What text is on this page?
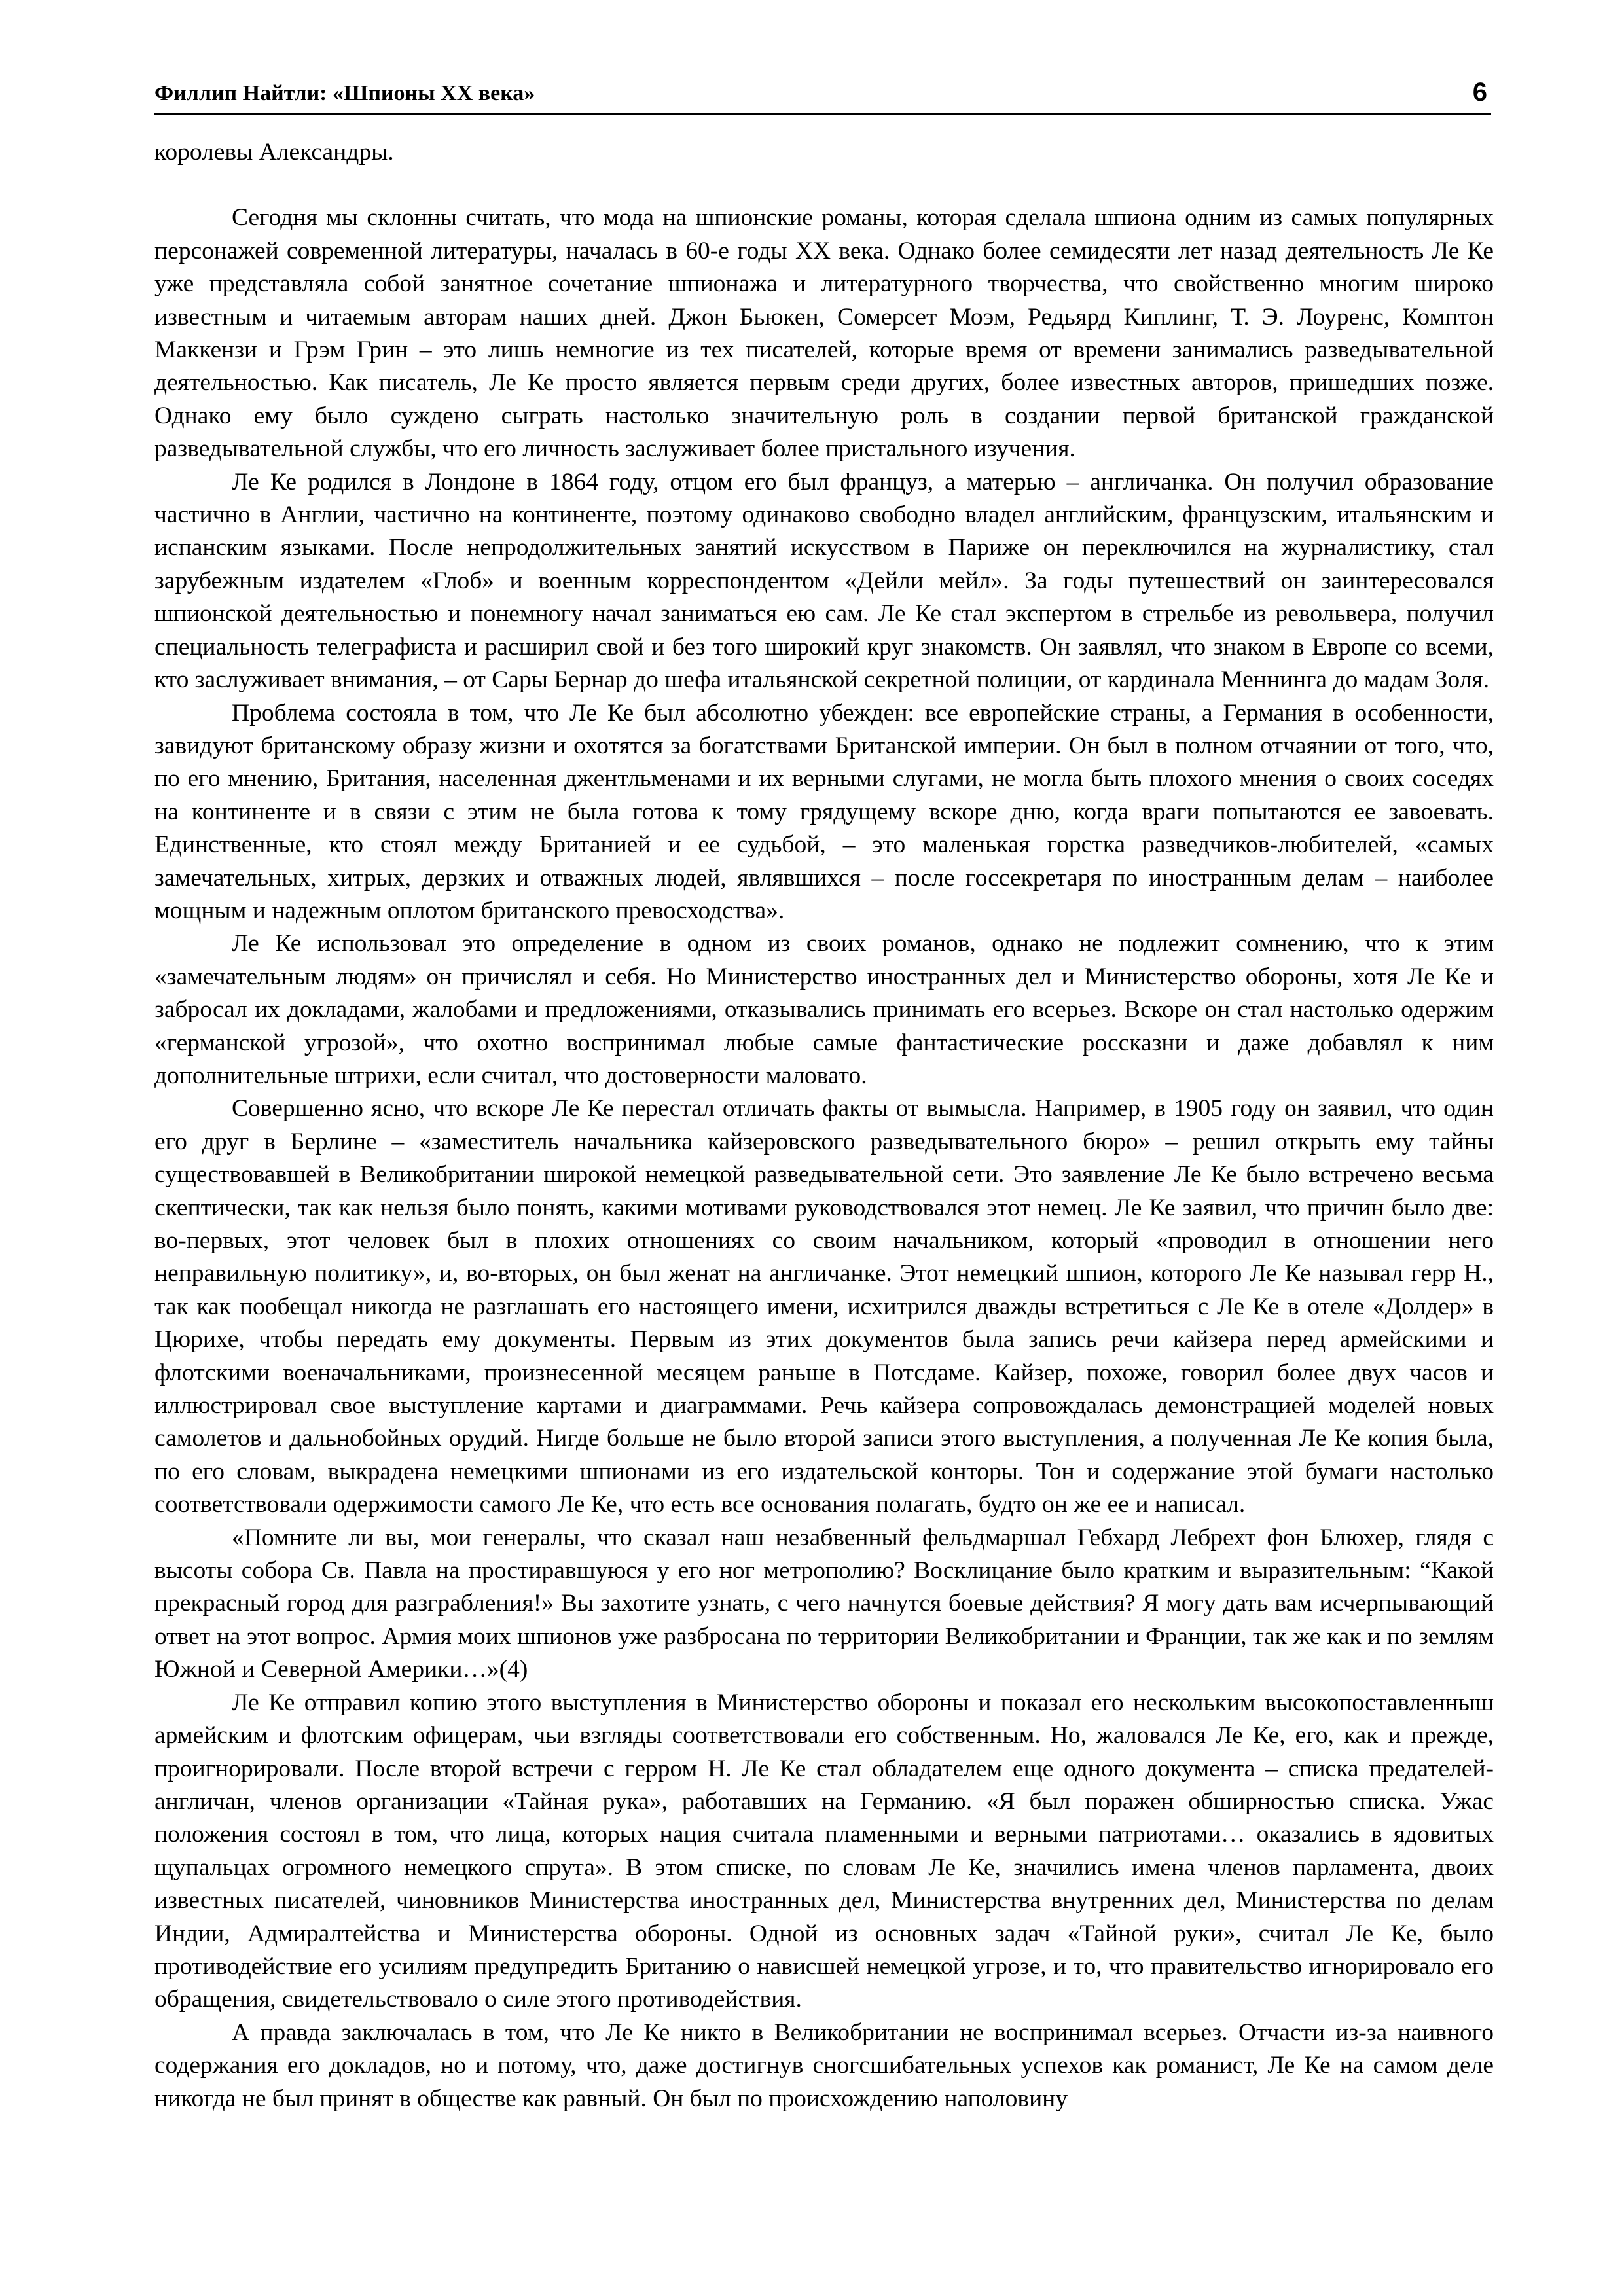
Филлип Найтли: «Шпионы XX века»	6

королевы Александры.

Сегодня мы склонны считать, что мода на шпионские романы, которая сделала шпиона одним из самых популярных персонажей современной литературы, началась в 60-е годы XX века. Однако более семидесяти лет назад деятельность Ле Ке уже представляла собой занятное сочетание шпионажа и литературного творчества, что свойственно многим широко известным и читаемым авторам наших дней. Джон Бьюкен, Сомерсет Моэм, Редьярд Киплинг, Т. Э. Лоуренс, Комптон Маккензи и Грэм Грин – это лишь немногие из тех писателей, которые время от времени занимались разведывательной деятельностью. Как писатель, Ле Ке просто является первым среди других, более известных авторов, пришедших позже. Однако ему было суждено сыграть настолько значительную роль в создании первой британской гражданской разведывательной службы, что его личность заслуживает более пристального изучения.

Ле Ке родился в Лондоне в 1864 году, отцом его был француз, а матерью – англичанка. Он получил образование частично в Англии, частично на континенте, поэтому одинаково свободно владел английским, французским, итальянским и испанским языками. После непродолжительных занятий искусством в Париже он переключился на журналистику, стал зарубежным издателем «Глоб» и военным корреспондентом «Дейли мейл». За годы путешествий он заинтересовался шпионской деятельностью и понемногу начал заниматься ею сам. Ле Ке стал экспертом в стрельбе из револьвера, получил специальность телеграфиста и расширил свой и без того широкий круг знакомств. Он заявлял, что знаком в Европе со всеми, кто заслуживает внимания, – от Сары Бернар до шефа итальянской секретной полиции, от кардинала Меннинга до мадам Золя.

Проблема состояла в том, что Ле Ке был абсолютно убежден: все европейские страны, а Германия в особенности, завидуют британскому образу жизни и охотятся за богатствами Британской империи. Он был в полном отчаянии от того, что, по его мнению, Британия, населенная джентльменами и их верными слугами, не могла быть плохого мнения о своих соседях на континенте и в связи с этим не была готова к тому грядущему вскоре дню, когда враги попытаются ее завоевать. Единственные, кто стоял между Британией и ее судьбой, – это маленькая горстка разведчиков-любителей, «самых замечательных, хитрых, дерзких и отважных людей, являвшихся – после госсекретаря по иностранным делам – наиболее мощным и надежным оплотом британского превосходства».

Ле Ке использовал это определение в одном из своих романов, однако не подлежит сомнению, что к этим «замечательным людям» он причислял и себя. Но Министерство иностранных дел и Министерство обороны, хотя Ле Ке и забросал их докладами, жалобами и предложениями, отказывались принимать его всерьез. Вскоре он стал настолько одержим «германской угрозой», что охотно воспринимал любые самые фантастические россказни и даже добавлял к ним дополнительные штрихи, если считал, что достоверности маловато.

Совершенно ясно, что вскоре Ле Ке перестал отличать факты от вымысла. Например, в 1905 году он заявил, что один его друг в Берлине – «заместитель начальника кайзеровского разведывательного бюро» – решил открыть ему тайны существовавшей в Великобритании широкой немецкой разведывательной сети. Это заявление Ле Ке было встречено весьма скептически, так как нельзя было понять, какими мотивами руководствовался этот немец. Ле Ке заявил, что причин было две: во-первых, этот человек был в плохих отношениях со своим начальником, который «проводил в отношении него неправильную политику», и, во-вторых, он был женат на англичанке. Этот немецкий шпион, которого Ле Ке называл герр Н., так как пообещал никогда не разглашать его настоящего имени, исхитрился дважды встретиться с Ле Ке в отеле «Долдер» в Цюрихе, чтобы передать ему документы. Первым из этих документов была запись речи кайзера перед армейскими и флотскими военачальниками, произнесенной месяцем раньше в Потсдаме. Кайзер, похоже, говорил более двух часов и иллюстрировал свое выступление картами и диаграммами. Речь кайзера сопровождалась демонстрацией моделей новых самолетов и дальнобойных орудий. Нигде больше не было второй записи этого выступления, а полученная Ле Ке копия была, по его словам, выкрадена немецкими шпионами из его издательской конторы. Тон и содержание этой бумаги настолько соответствовали одержимости самого Ле Ке, что есть все основания полагать, будто он же ее и написал.

«Помните ли вы, мои генералы, что сказал наш незабвенный фельдмаршал Гебхард Лебрехт фон Блюхер, глядя с высоты собора Св. Павла на простиравшуюся у его ног метрополию? Восклицание было кратким и выразительным: “Какой прекрасный город для разграбления!» Вы захотите узнать, с чего начнутся боевые действия? Я могу дать вам исчерпывающий ответ на этот вопрос. Армия моих шпионов уже разбросана по территории Великобритании и Франции, так же как и по землям Южной и Северной Америки…»(4)

Ле Ке отправил копию этого выступления в Министерство обороны и показал его нескольким высокопоставленныш армейским и флотским офицерам, чьи взгляды соответствовали его собственным. Но, жаловался Ле Ке, его, как и прежде, проигнорировали. После второй встречи с герром Н. Ле Ке стал обладателем еще одного документа – списка предателей-англичан, членов организации «Тайная рука», работавших на Германию. «Я был поражен обширностью списка. Ужас положения состоял в том, что лица, которых нация считала пламенными и верными патриотами… оказались в ядовитых щупальцах огромного немецкого спрута». В этом списке, по словам Ле Ке, значились имена членов парламента, двоих известных писателей, чиновников Министерства иностранных дел, Министерства внутренних дел, Министерства по делам Индии, Адмиралтейства и Министерства обороны. Одной из основных задач «Тайной руки», считал Ле Ке, было противодействие его усилиям предупредить Британию о нависшей немецкой угрозе, и то, что правительство игнорировало его обращения, свидетельствовало о силе этого противодействия.

А правда заключалась в том, что Ле Ке никто в Великобритании не воспринимал всерьез. Отчасти из-за наивного содержания его докладов, но и потому, что, даже достигнув сногсшибательных успехов как романист, Ле Ке на самом деле никогда не был принят в обществе как равный. Он был по происхождению наполовину
